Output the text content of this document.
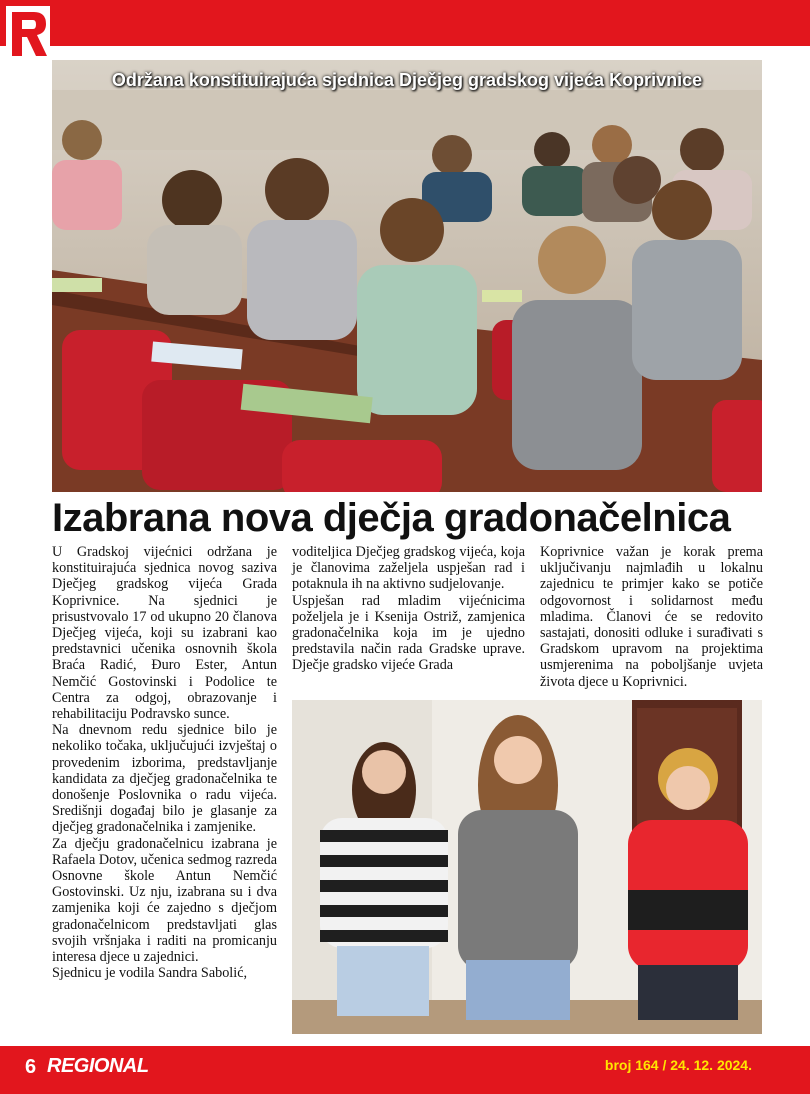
Održana konstituirajuća sjednica Dječjeg gradskog vijeća Koprivnice
Izabrana nova dječja gradonačelnica

U Gradskoj vijećnici održana je konstituirajuća sjednica novog saziva Dječjeg gradskog vijeća Grada Koprivnice. Na sjednici je prisustvovalo 17 od ukupno 20 članova Dječjeg vijeća, koji su izabrani kao predstavnici učenika osnovnih škola Braća Radić, Đuro Ester, Antun Nemčić Gostovinski i Podolice te Centra za odgoj, obrazovanje i rehabilitaciju Podravsko sunce.

Na dnevnom redu sjednice bilo je nekoliko točaka, uključujući izvještaj o provedenim izborima, predstavljanje kandidata za dječjeg gradonačelnika te donošenje Poslovnika o radu vijeća. Središnji događaj bilo je glasanje za dječjeg gradonačelnika i zamjenike.

Za dječju gradonačelnicu izabrana je Rafaela Dotov, učenica sedmog razreda Osnovne škole Antun Nemčić Gostovinski. Uz nju, izabrana su i dva zamjenika koji će zajedno s dječjom gradonačelnicom predstavljati glas svojih vršnjaka i raditi na promicanju interesa djece u zajednici.

Sjednicu je vodila Sandra Sabolić,

voditeljica Dječjeg gradskog vijeća, koja je članovima zaželjela uspješan rad i potaknula ih na aktivno sudjelovanje.

Uspješan rad mladim vijećnicima poželjela je i Ksenija Ostriž, zamjenica gradonačelnika koja im je ujedno predstavila način rada Gradske uprave. Dječje gradsko vijeće Grada

Koprivnice važan je korak prema uključivanju najmlađih u lokalnu zajednicu te primjer kako se potiče odgovornost i solidarnost među mladima. Članovi će se redovito sastajati, donositi odluke i surađivati s Gradskom upravom na projektima usmjerenima na poboljšanje uvjeta života djece u Koprivnici.

6 REGIONAL	broj 164 / 24. 12. 2024.
